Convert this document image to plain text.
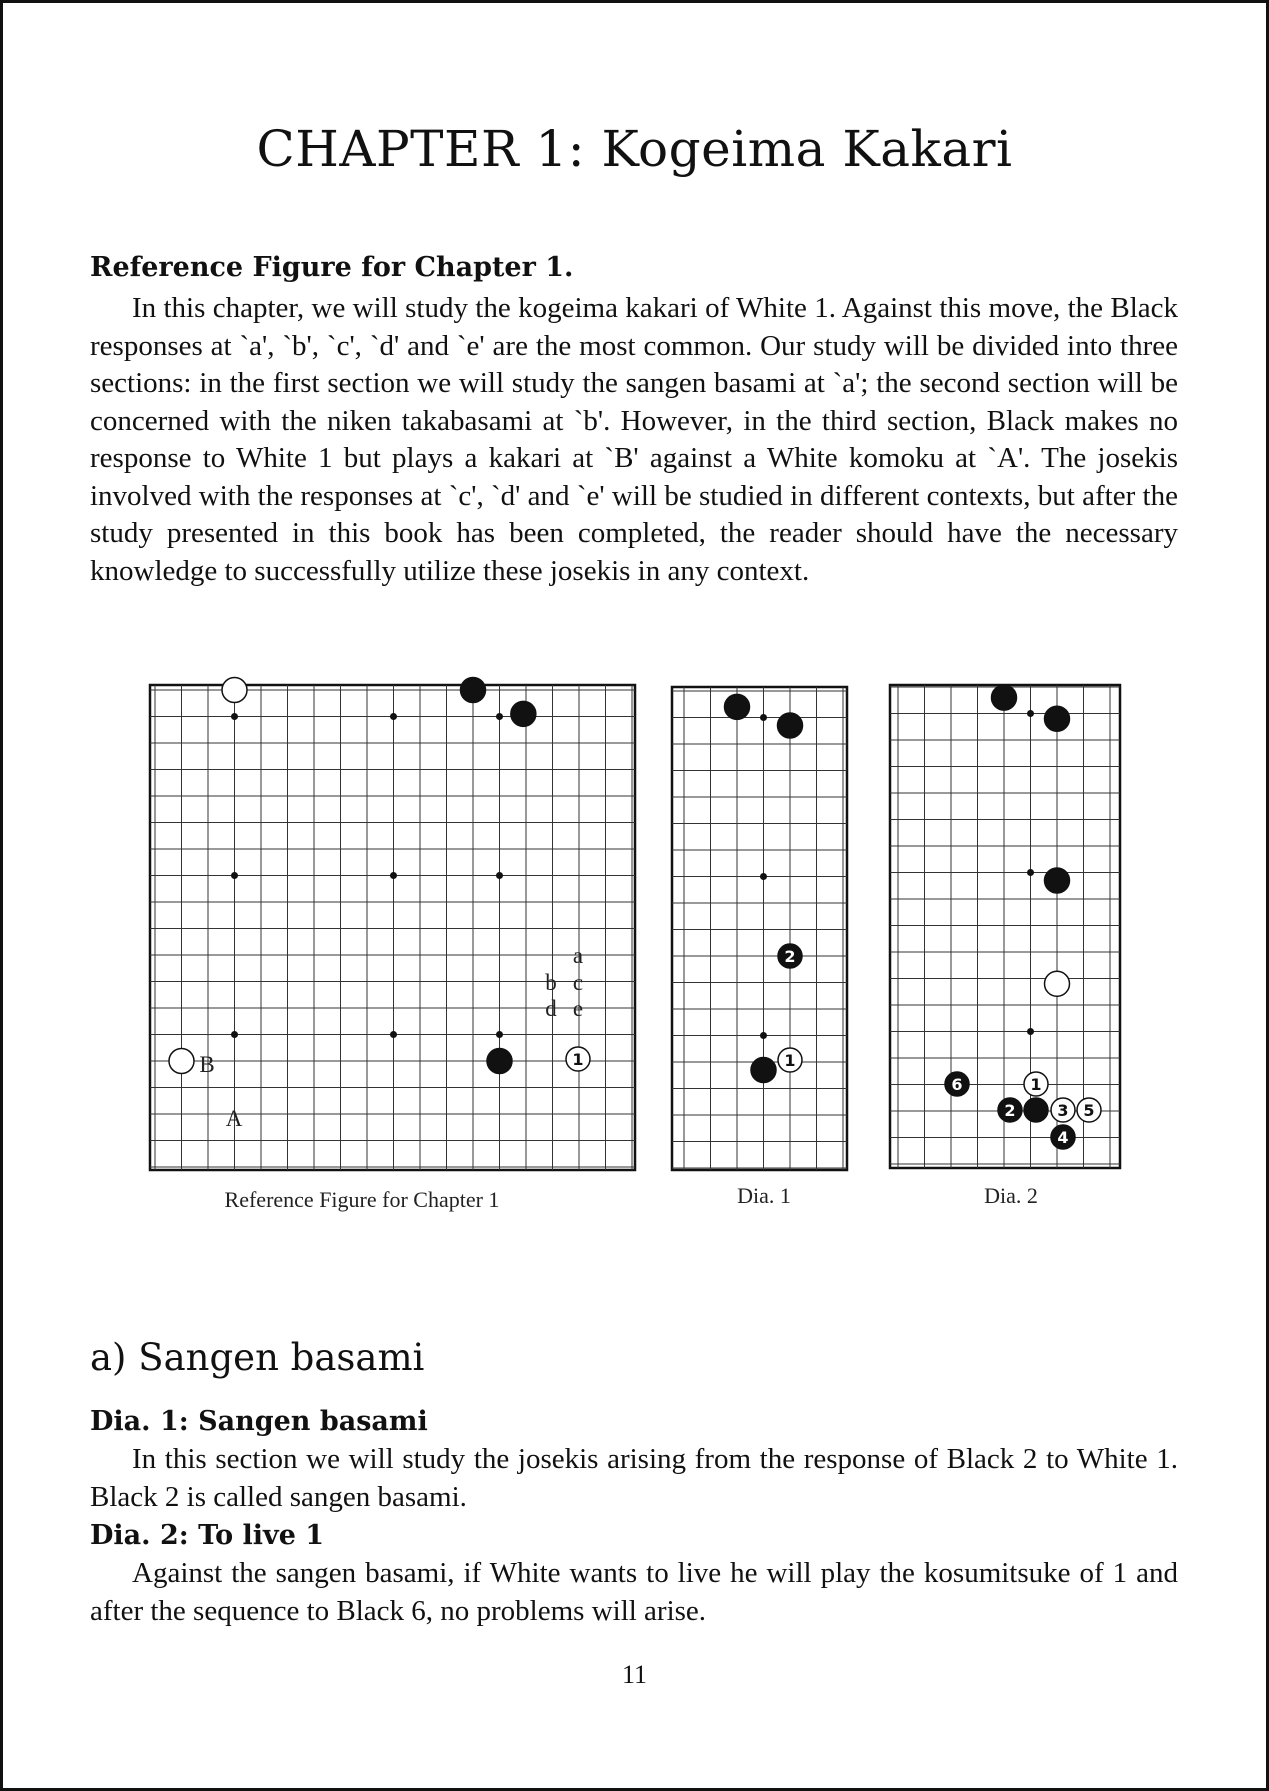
CHAPTER 1: Kogeima Kakari
Reference Figure for Chapter 1.

In this chapter, we will study the kogeima kakari of White 1. Against this move, the Black responses at `a', `b', `c', `d' and `e' are the most common. Our study will be divided into three sections: in the first section we will study the sangen basami at `a'; the second section will be concerned with the niken takabasami at `b'. However, in the third section, Black makes no response to White 1 but plays a kakari at `B' against a White komoku at `A'. The josekis involved with the responses at `c', `d' and `e' will be studied in different contexts, but after the study presented in this book has been completed, the reader should have the necessary knowledge to successfully utilize these josekis in any context.

a
b c
d e
A
B
Reference Figure for Chapter 1	Dia. 1	Dia. 2
1
2
1
6	1
2	3 5
4
a) Sangen basami
Dia. 1: Sangen basami

In this section we will study the josekis arising from the response of Black 2 to White 1. Black 2 is called sangen basami.

Dia. 2: To live 1

Against the sangen basami, if White wants to live he will play the kosumitsuke of 1 and after the sequence to Black 6, no problems will arise.

11
